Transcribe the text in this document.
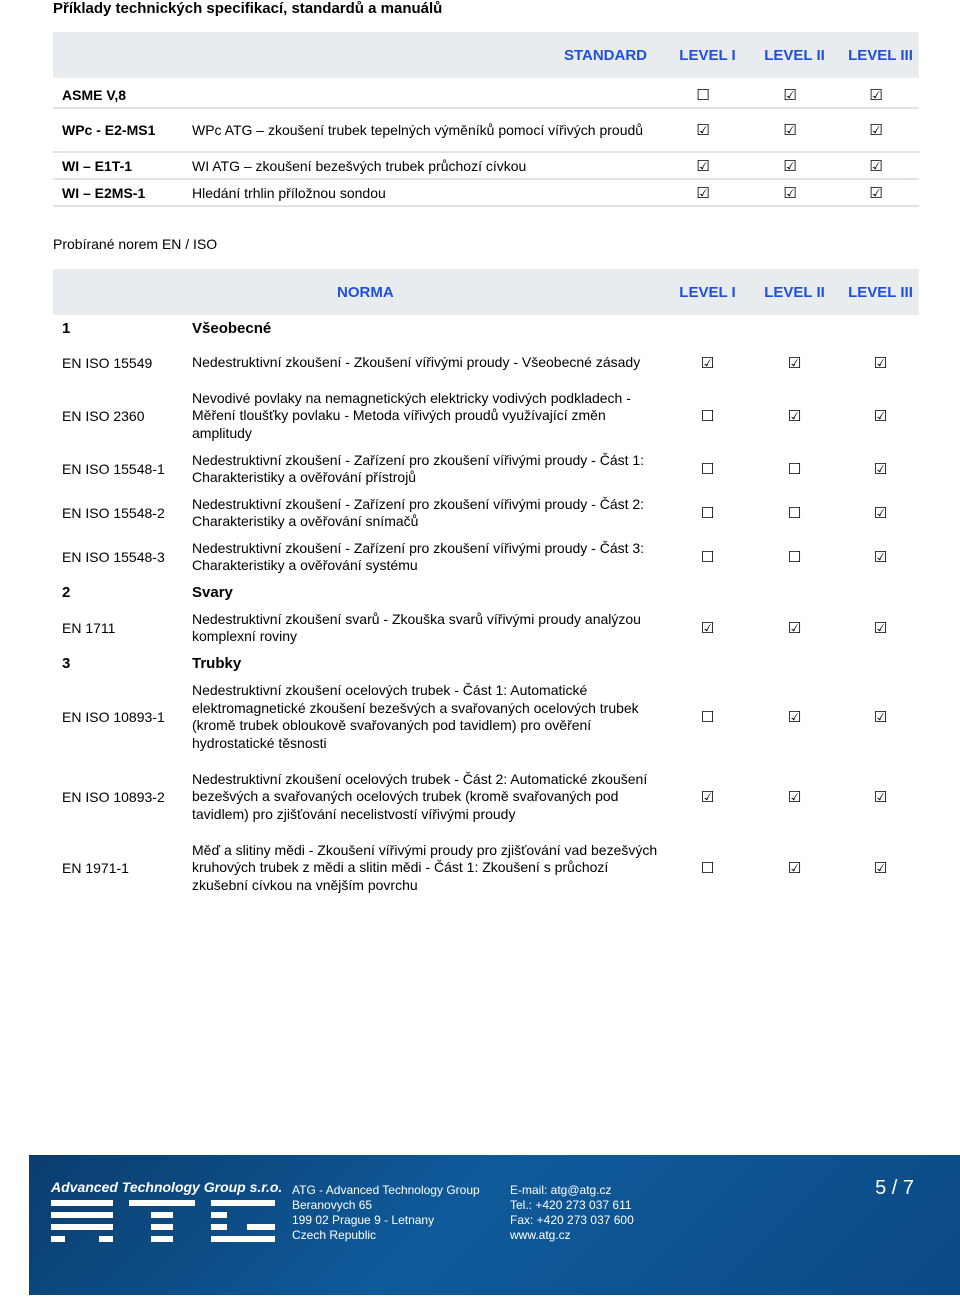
Příklady technických specifikací, standardů a manuálů
	STANDARD	LEVEL I	LEVEL II	LEVEL III

ASME V,8		☐	☑	☑
WPc - E2-MS1	WPc ATG – zkoušení trubek tepelných výměníků pomocí vířivých proudů	☑	☑	☑
WI – E1T-1	WI ATG – zkoušení bezešvých trubek průchozí cívkou	☑	☑	☑
WI – E2MS-1	Hledání trhlin příložnou sondou	☑	☑	☑
Probírané norem EN / ISO
	NORMA	LEVEL I	LEVEL II	LEVEL III
1	Všeobecné			
EN ISO 15549	Nedestruktivní zkoušení - Zkoušení vířivými proudy - Všeobecné zásady	☑	☑	☑
EN ISO 2360	Nevodivé povlaky na nemagnetických elektricky vodivých podkladech - Měření tloušťky povlaku - Metoda vířivých proudů využívající změn amplitudy	☐	☑	☑
EN ISO 15548-1	Nedestruktivní zkoušení - Zařízení pro zkoušení vířivými proudy - Část 1: Charakteristiky a ověřování přístrojů	☐	☐	☑
EN ISO 15548-2	Nedestruktivní zkoušení - Zařízení pro zkoušení vířivými proudy - Část 2: Charakteristiky a ověřování snímačů	☐	☐	☑
EN ISO 15548-3	Nedestruktivní zkoušení - Zařízení pro zkoušení vířivými proudy - Část 3: Charakteristiky a ověřování systému	☐	☐	☑
2	Svary			
EN 1711	Nedestruktivní zkoušení svarů - Zkouška svarů vířivými proudy analýzou komplexní roviny	☑	☑	☑
3	Trubky			
EN ISO 10893-1	Nedestruktivní zkoušení ocelových trubek - Část 1: Automatické elektromagnetické zkoušení bezešvých a svařovaných ocelových trubek (kromě trubek obloukově svařovaných pod tavidlem) pro ověření hydrostatické těsnosti	☐	☑	☑
EN ISO 10893-2	Nedestruktivní zkoušení ocelových trubek - Část 2: Automatické zkoušení bezešvých a svařovaných ocelových trubek (kromě svařovaných pod tavidlem) pro zjišťování necelistvostí vířivými proudy	☑	☑	☑
EN 1971-1	Měď a slitiny mědi - Zkoušení vířivými proudy pro zjišťování vad bezešvých kruhových trubek z mědi a slitin mědi - Část 1: Zkoušení s průchozí zkušební cívkou na vnějším povrchu	☐	☑	☑
Advanced Technology Group s.r.o. ATG - Advanced Technology Group
Beranovych 65
199 02 Prague 9 - Letnany
Czech Republic
E-mail: atg@atg.cz
Tel.: +420 273 037 611
Fax: +420 273 037 600
www.atg.cz
5 / 7
